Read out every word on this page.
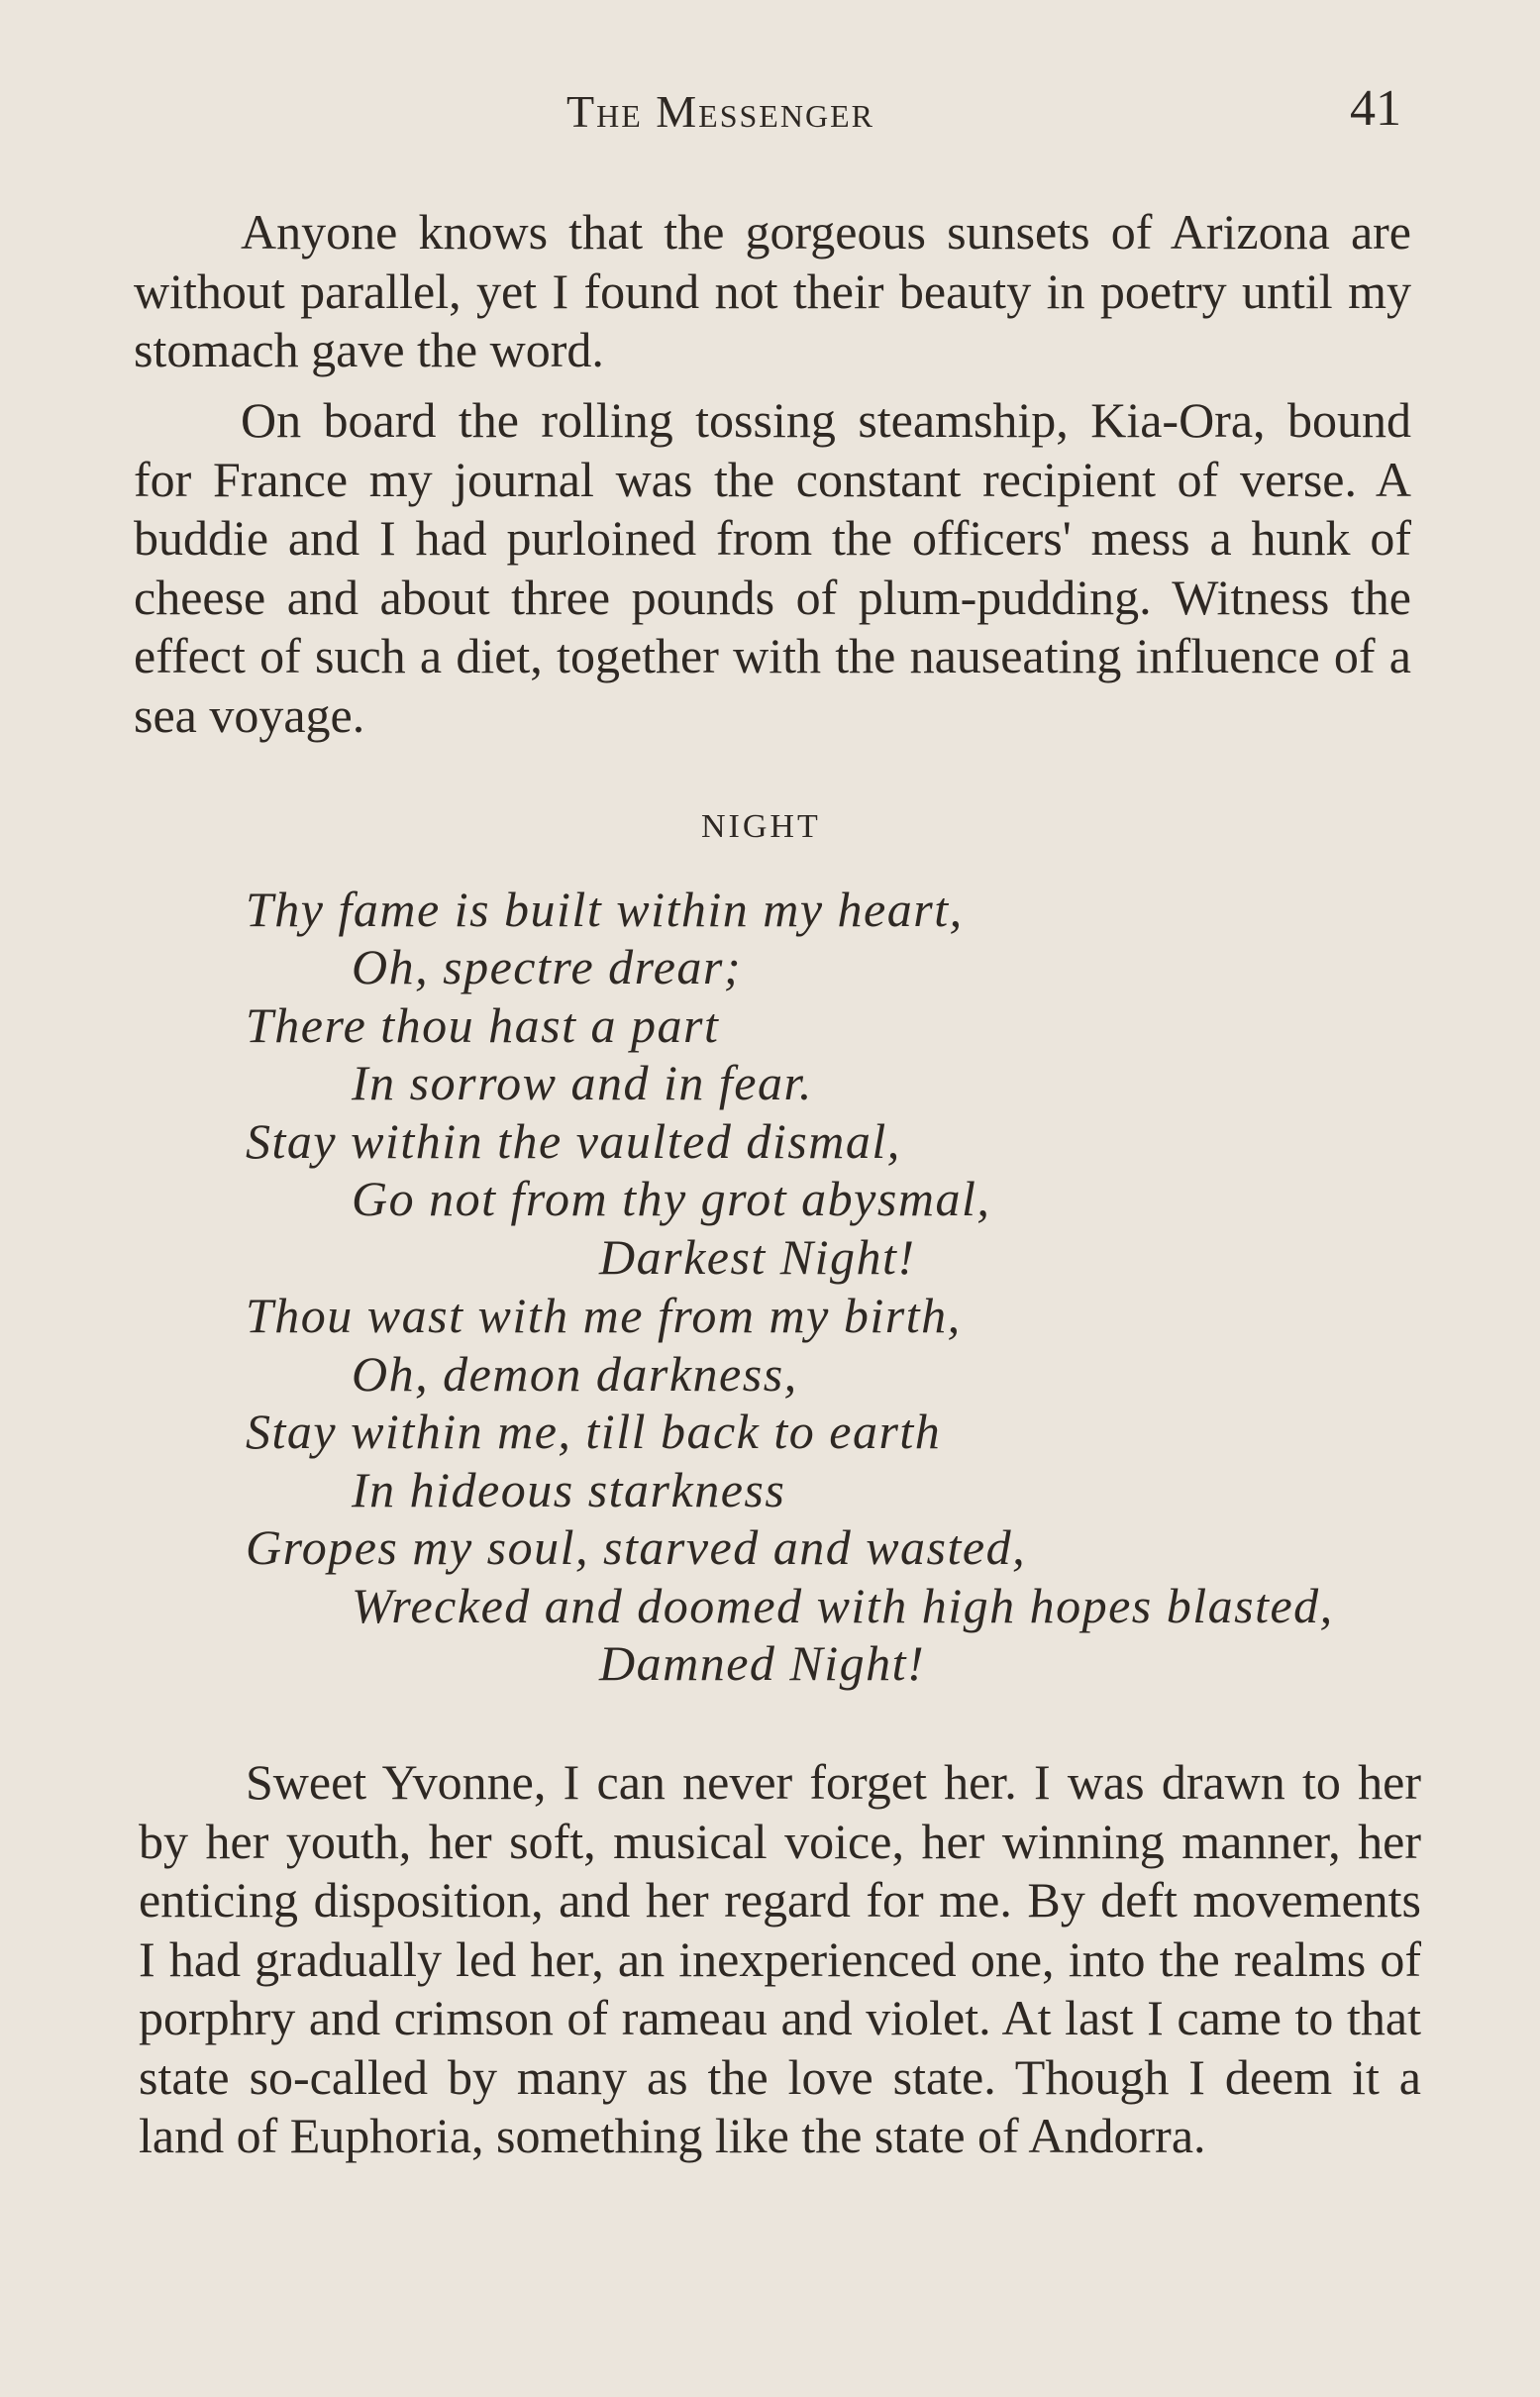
The Messenger	41

Anyone knows that the gorgeous sunsets of Arizona are without parallel, yet I found not their beauty in poetry until my stomach gave the word.

On board the rolling tossing steamship, Kia-Ora, bound for France my journal was the constant recipient of verse. A buddie and I had purloined from the officers' mess a hunk of cheese and about three pounds of plum-pudding. Witness the effect of such a diet, together with the nauseating influence of a sea voyage.

NIGHT

Thy fame is built within my heart,

Oh, spectre drear;

There thou hast a part

In sorrow and in fear.

Stay within the vaulted dismal,

Go not from thy grot abysmal,

Darkest Night!

Thou wast with me from my birth,

Oh, demon darkness,

Stay within me, till back to earth

In hideous starkness

Gropes my soul, starved and wasted,

Wrecked and doomed with high hopes blasted,

Damned Night!

Sweet Yvonne, I can never forget her. I was drawn to her by her youth, her soft, musical voice, her winning manner, her enticing disposition, and her regard for me. By deft movements I had gradually led her, an inexperienced one, into the realms of porphry and crimson of rameau and violet. At last I came to that state so-called by many as the love state. Though I deem it a land of Euphoria, something like the state of Andorra.
